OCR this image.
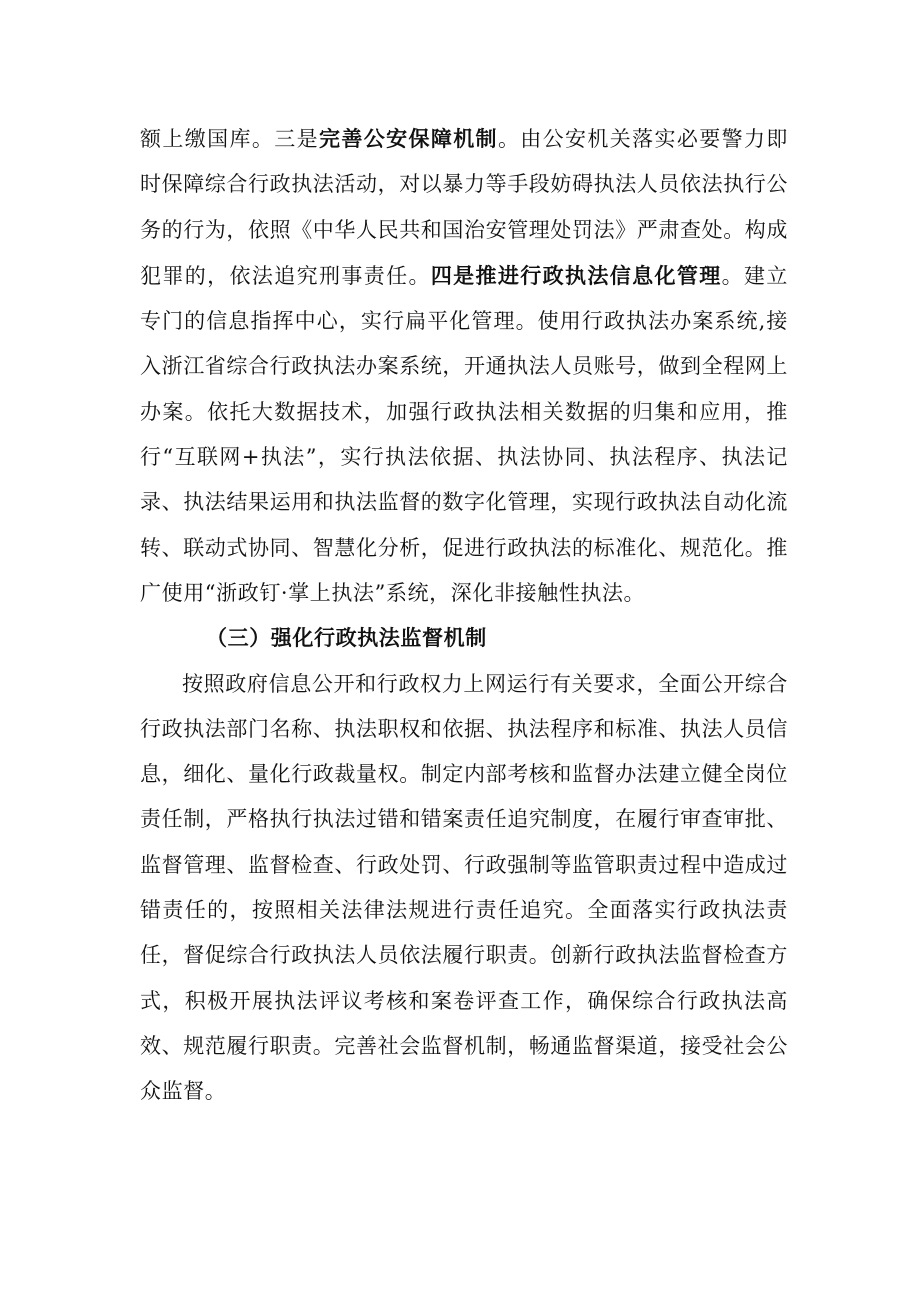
额上缴国库。三是完善公安保障机制。由公安机关落实必要警力即时保障综合行政执法活动，对以暴力等手段妨碍执法人员依法执行公务的行为，依照《中华人民共和国治安管理处罚法》严肃查处。构成犯罪的，依法追究刑事责任。四是推进行政执法信息化管理。建立专门的信息指挥中心，实行扁平化管理。使用行政执法办案系统,接入浙江省综合行政执法办案系统，开通执法人员账号，做到全程网上办案。依托大数据技术，加强行政执法相关数据的归集和应用，推行“互联网+执法”，实行执法依据、执法协同、执法程序、执法记录、执法结果运用和执法监督的数字化管理，实现行政执法自动化流转、联动式协同、智慧化分析，促进行政执法的标准化、规范化。推广使用“浙政钉·掌上执法”系统，深化非接触性执法。

（三）强化行政执法监督机制

按照政府信息公开和行政权力上网运行有关要求，全面公开综合行政执法部门名称、执法职权和依据、执法程序和标准、执法人员信息，细化、量化行政裁量权。制定内部考核和监督办法建立健全岗位责任制，严格执行执法过错和错案责任追究制度，在履行审查审批、监督管理、监督检查、行政处罚、行政强制等监管职责过程中造成过错责任的，按照相关法律法规进行责任追究。全面落实行政执法责任，督促综合行政执法人员依法履行职责。创新行政执法监督检查方式，积极开展执法评议考核和案卷评查工作，确保综合行政执法高效、规范履行职责。完善社会监督机制，畅通监督渠道，接受社会公众监督。
